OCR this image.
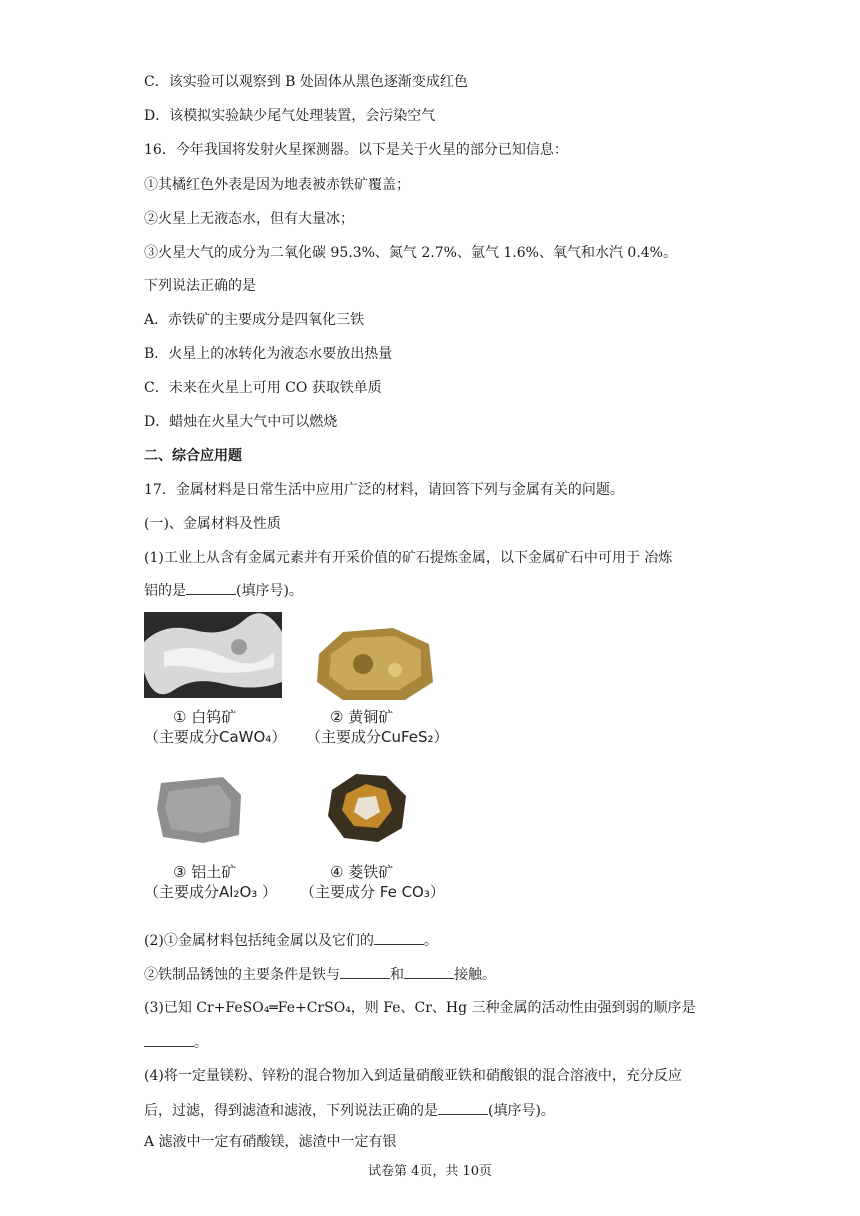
C．该实验可以观察到 B 处固体从黑色逐渐变成红色
D．该模拟实验缺少尾气处理装置，会污染空气
16．今年我国将发射火星探测器。以下是关于火星的部分已知信息：
①其橘红色外表是因为地表被赤铁矿覆盖；
②火星上无液态水，但有大量冰；
③火星大气的成分为二氧化碳 95.3%、氮气 2.7%、氩气 1.6%、氧气和水汽 0.4%。
下列说法正确的是
A．赤铁矿的主要成分是四氧化三铁
B．火星上的冰转化为液态水要放出热量
C．未来在火星上可用 CO 获取铁单质
D．蜡烛在火星大气中可以燃烧
二、综合应用题
17．金属材料是日常生活中应用广泛的材料，请回答下列与金属有关的问题。
(一)、金属材料及性质
(1)工业上从含有金属元素并有开采价值的矿石提炼金属，以下金属矿石中可用于 冶炼
铝的是	(填序号)。
① 白钨矿
（主要成分CaWO₄）
② 黄铜矿
（主要成分CuFeS₂）
③ 铝土矿
（主要成分Al₂O₃ ）
④ 菱铁矿
（主要成分 Fe CO₃）
(2)①金属材料包括纯金属以及它们的	。
②铁制品锈蚀的主要条件是铁与	和	接触。
(3)已知 Cr+FeSO₄═Fe+CrSO₄，则 Fe、Cr、Hg 三种金属的活动性由强到弱的顺序是
。
(4)将一定量镁粉、锌粉的混合物加入到适量硝酸亚铁和硝酸银的混合溶液中，充分反应
后，过滤，得到滤渣和滤液，下列说法正确的是	(填序号)。
A 滤液中一定有硝酸镁，滤渣中一定有银
试卷第 4页，共 10页
